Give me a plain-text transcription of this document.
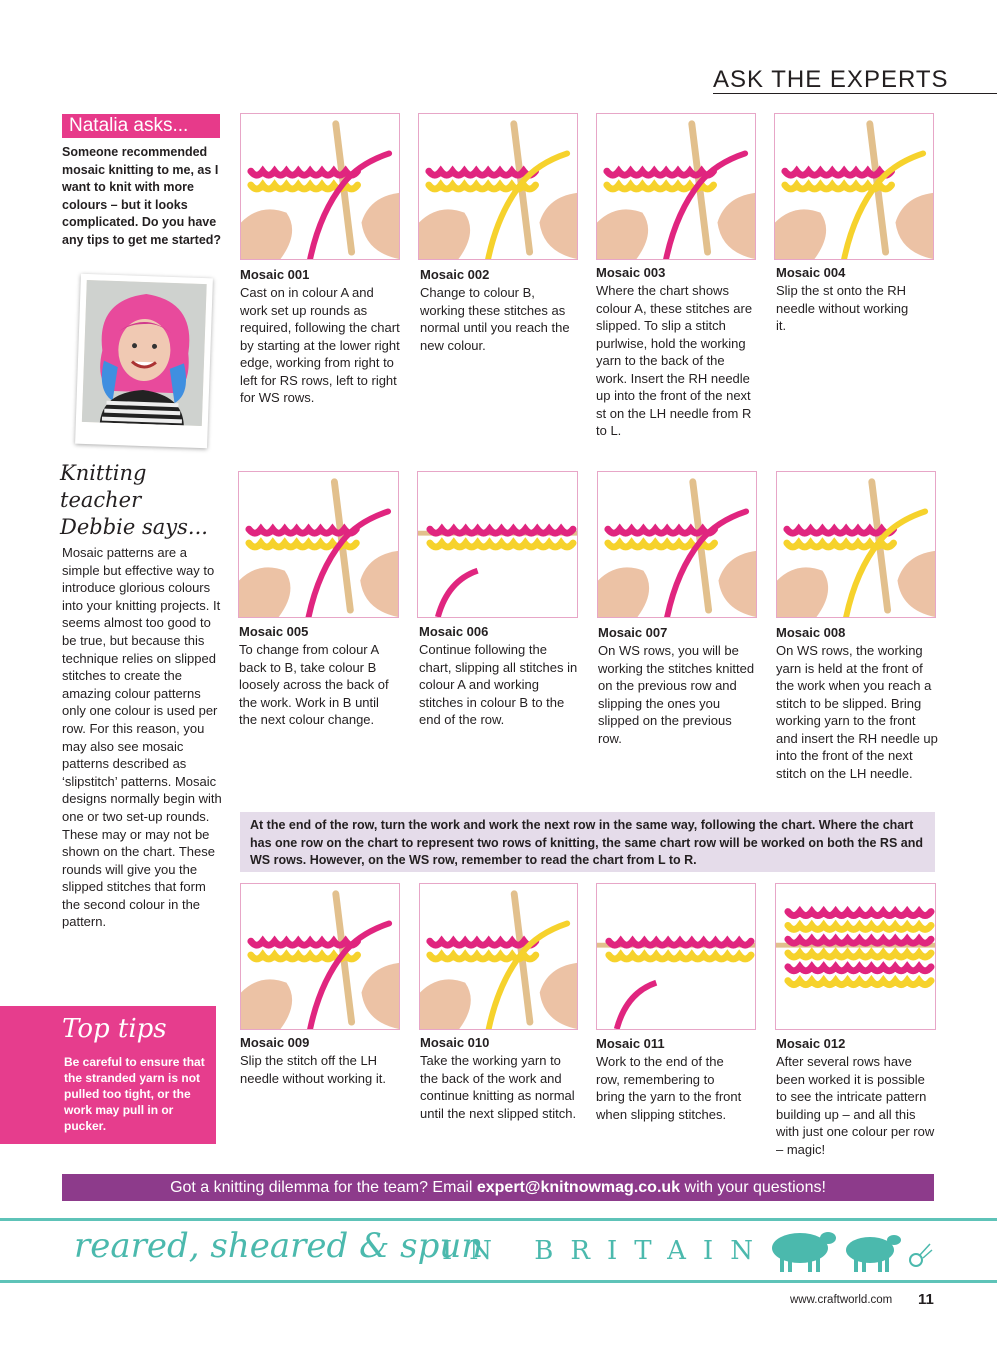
ASK THE EXPERTS
Natalia asks...
Someone recommended mosaic knitting to me, as I want to knit with more colours – but it looks complicated. Do you have any tips to get me started?
Knitting
teacher
Debbie says...
Mosaic patterns are a simple but effective way to introduce glorious colours into your knitting projects. It seems almost too good to be true, but because this technique relies on slipped stitches to create the amazing colour patterns only one colour is used per row. For this reason, you may also see mosaic patterns described as ‘slipstitch’ patterns. Mosaic designs normally begin with one or two set-up rounds. These may or may not be shown on the chart. These rounds will give you the slipped stitches that form the second colour in the pattern.
Top tips
Be careful to ensure that the stranded yarn is not pulled too tight, or the work may pull in or pucker.
Mosaic 001
Cast on in colour A and work set up rounds as required, following the chart by starting at the lower right edge, working from right to left for RS rows, left to right for WS rows.
Mosaic 002
Change to colour B, working these stitches as normal until you reach the new colour.
Mosaic 003
Where the chart shows colour A, these stitches are slipped. To slip a stitch purlwise, hold the working yarn to the back of the work. Insert the RH needle up into the front of the next st on the LH needle from R to L.
Mosaic 004
Slip the st onto the RH needle without working it.
Mosaic 005
To change from colour A back to B, take colour B loosely across the back of the work. Work in B until the next colour change.
Mosaic 006
Continue following the chart, slipping all stitches in colour A and working stitches in colour B to the end of the row.
Mosaic 007
On WS rows, you will be working the stitches knitted on the previous row and slipping the ones you slipped on the previous row.
Mosaic 008
On WS rows, the working yarn is held at the front of the work when you reach a stitch to be slipped. Bring working yarn to the front and insert the RH needle up into the front of the next stitch on the LH needle.
At the end of the row, turn the work and work the next row in the same way, following the chart. Where the chart has one row on the chart to represent two rows of knitting, the same chart row will be worked on both the RS and WS rows. However, on the WS row, remember to read the chart from L to R.
Mosaic 009
Slip the stitch off the LH needle without working it.
Mosaic 010
Take the working yarn to the back of the work and continue knitting as normal until the next slipped stitch.
Mosaic 011
Work to the end of the row, remembering to bring the yarn to the front when slipping stitches.
Mosaic 012
After several rows have been worked it is possible to see the intricate pattern building up – and all this with just one colour per row – magic!
Got a knitting dilemma for the team? Email expert@knitnowmag.co.uk with your questions!
reared, sheared & spun
IN BRITAIN
www.craftworld.com 11
